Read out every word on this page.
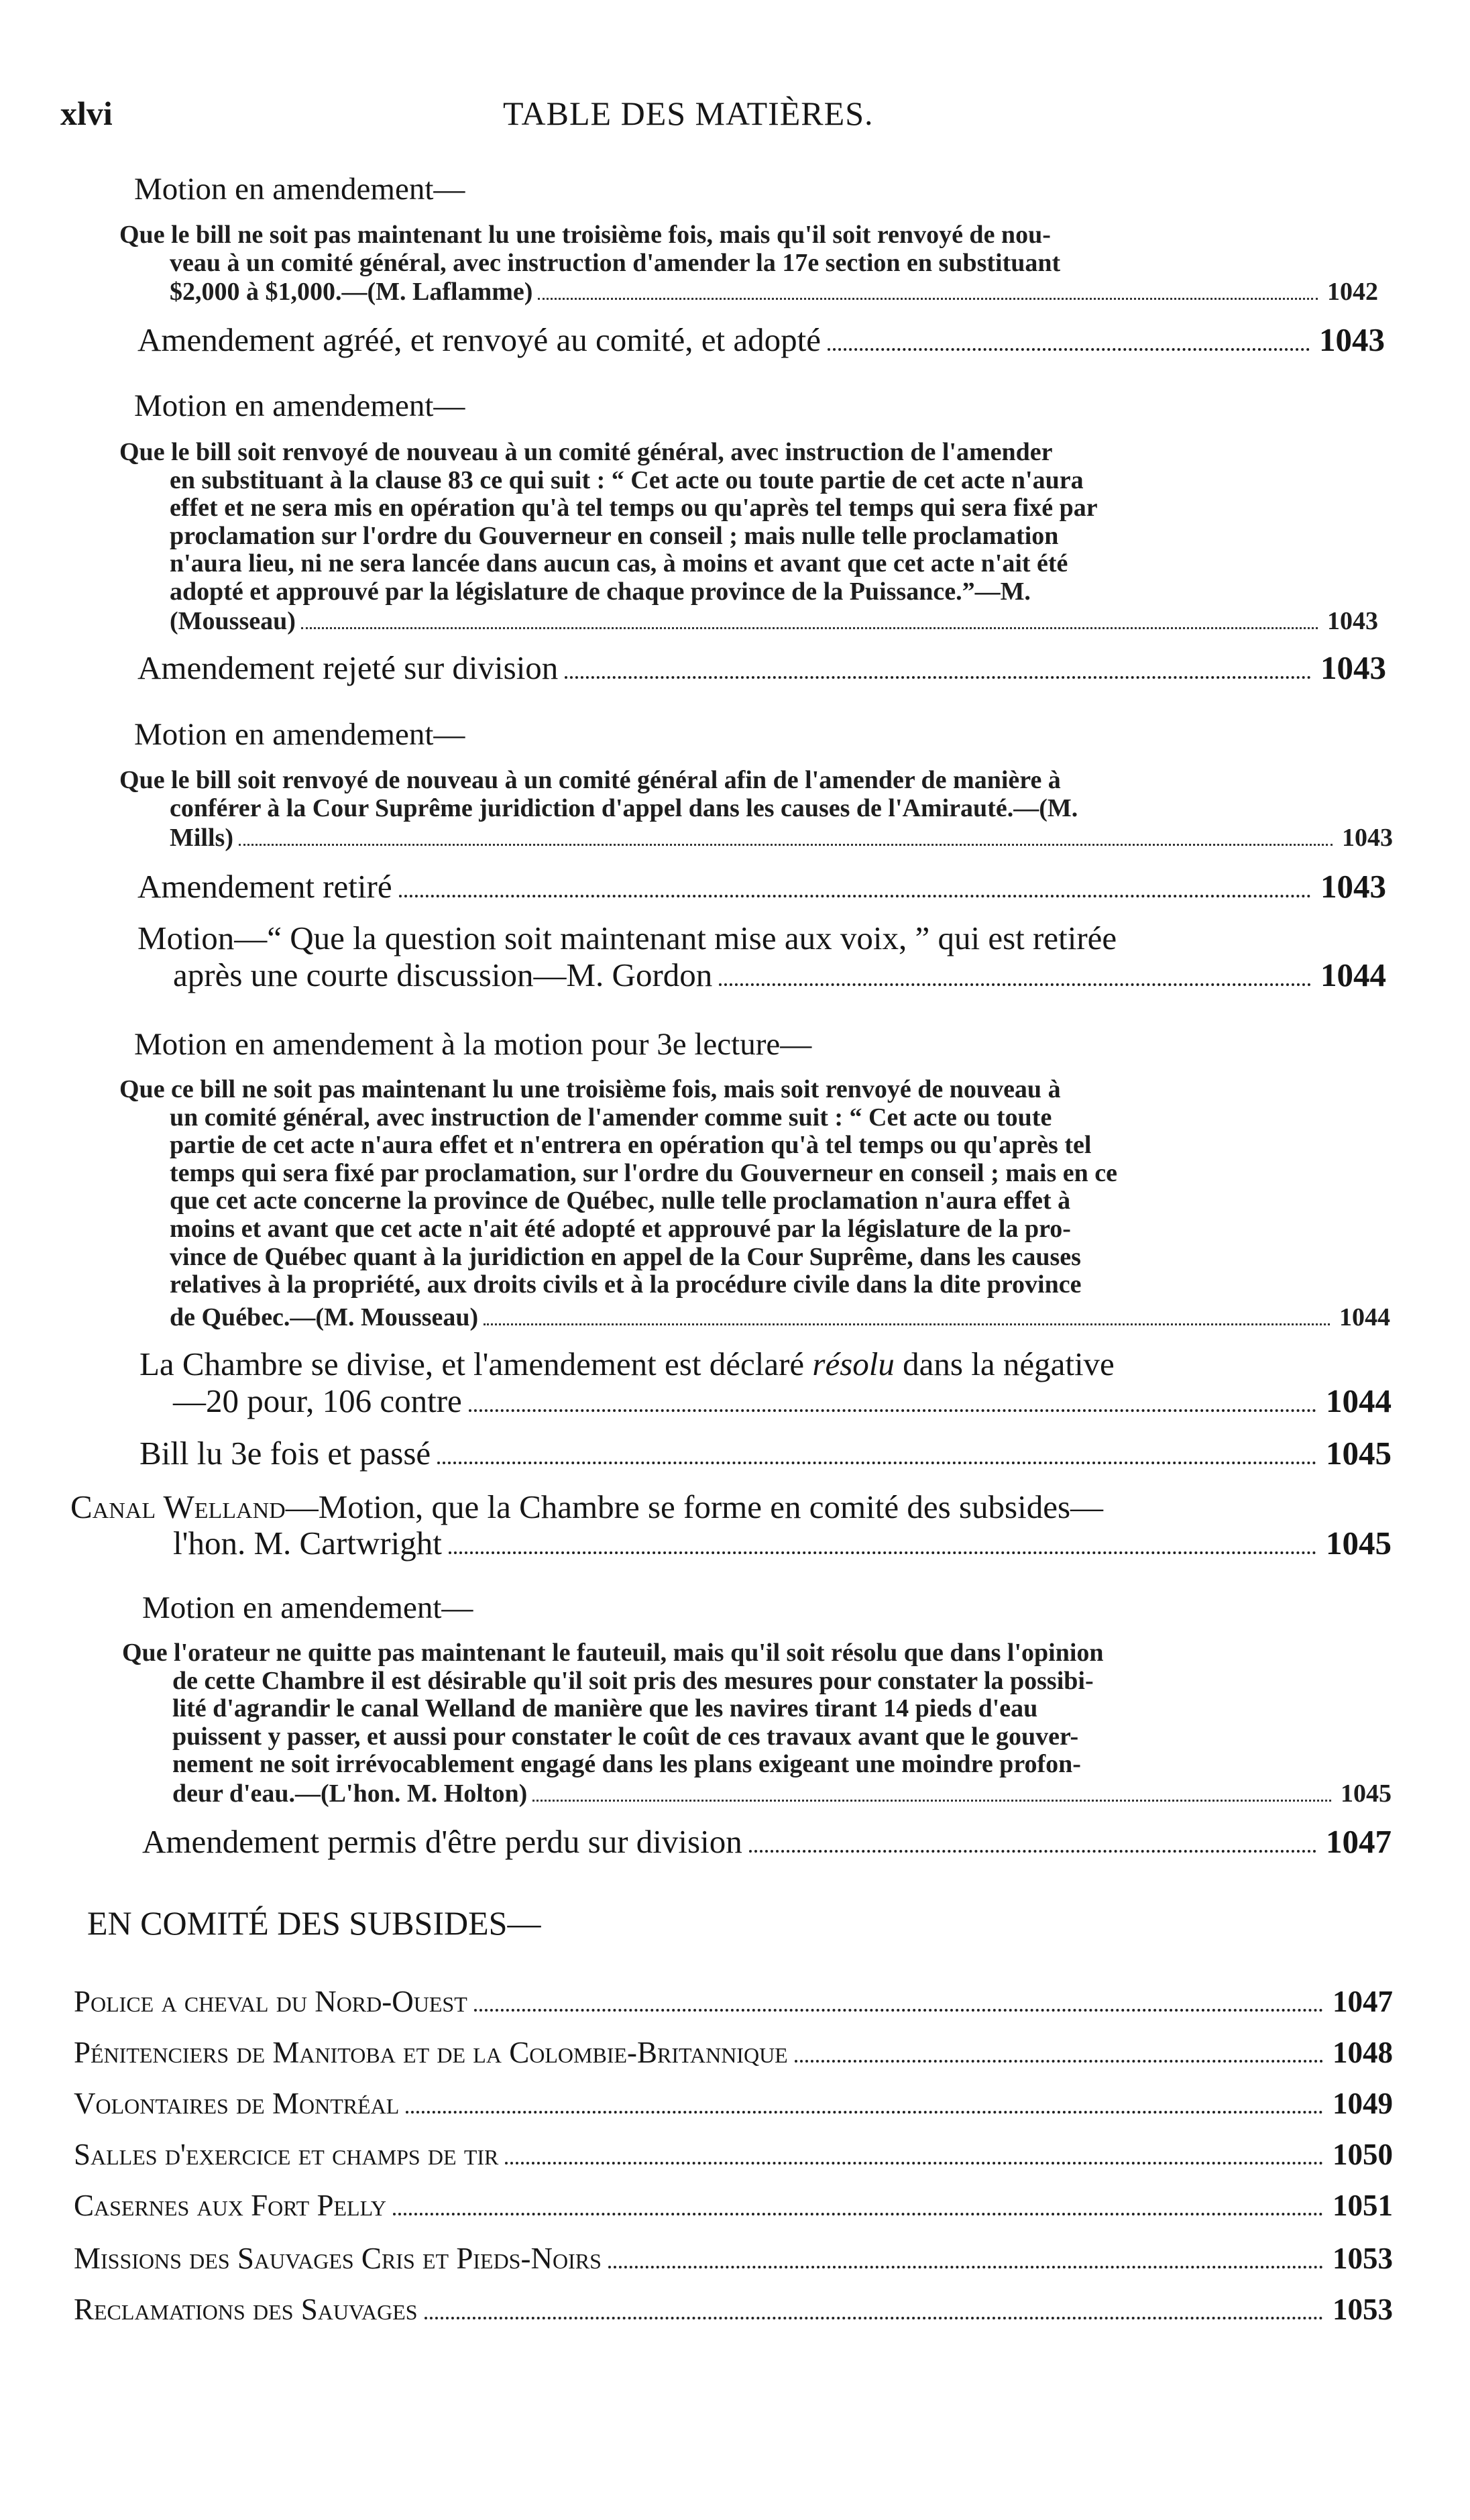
xlvi	TABLE DES MATIÈRES.
Motion en amendement—
Que le bill ne soit pas maintenant lu une troisième fois, mais qu'il soit renvoyé de nou-
veau à un comité général, avec instruction d'amender la 17e section en substituant
$2,000 à $1,000.—(M. Laflamme)	1042
Amendement agréé, et renvoyé au comité, et adopté	1043
Motion en amendement—
Que le bill soit renvoyé de nouveau à un comité général, avec instruction de l'amender
en substituant à la clause 83 ce qui suit : “ Cet acte ou toute partie de cet acte n'aura
effet et ne sera mis en opération qu'à tel temps ou qu'après tel temps qui sera fixé par
proclamation sur l'ordre du Gouverneur en conseil ; mais nulle telle proclamation
n'aura lieu, ni ne sera lancée dans aucun cas, à moins et avant que cet acte n'ait été
adopté et approuvé par la législature de chaque province de la Puissance.”—M.
(Mousseau)	1043
Amendement rejeté sur division	1043
Motion en amendement—
Que le bill soit renvoyé de nouveau à un comité général afin de l'amender de manière à
conférer à la Cour Suprême juridiction d'appel dans les causes de l'Amirauté.—(M.
Mills)	1043
Amendement retiré	1043
Motion—“ Que la question soit maintenant mise aux voix, ” qui est retirée
après une courte discussion—M. Gordon	1044
Motion en amendement à la motion pour 3e lecture—
Que ce bill ne soit pas maintenant lu une troisième fois, mais soit renvoyé de nouveau à
un comité général, avec instruction de l'amender comme suit : “ Cet acte ou toute
partie de cet acte n'aura effet et n'entrera en opération qu'à tel temps ou qu'après tel
temps qui sera fixé par proclamation, sur l'ordre du Gouverneur en conseil ; mais en ce
que cet acte concerne la province de Québec, nulle telle proclamation n'aura effet à
moins et avant que cet acte n'ait été adopté et approuvé par la législature de la pro-
vince de Québec quant à la juridiction en appel de la Cour Suprême, dans les causes
relatives à la propriété, aux droits civils et à la procédure civile dans la dite province
de Québec.—(M. Mousseau)	1044
La Chambre se divise, et l'amendement est déclaré résolu dans la négative
—20 pour, 106 contre	1044
Bill lu 3e fois et passé	1045
Canal Welland—Motion, que la Chambre se forme en comité des subsides—
l'hon. M. Cartwright	1045
Motion en amendement—
Que l'orateur ne quitte pas maintenant le fauteuil, mais qu'il soit résolu que dans l'opinion
de cette Chambre il est désirable qu'il soit pris des mesures pour constater la possibi-
lité d'agrandir le canal Welland de manière que les navires tirant 14 pieds d'eau
puissent y passer, et aussi pour constater le coût de ces travaux avant que le gouver-
nement ne soit irrévocablement engagé dans les plans exigeant une moindre profon-
deur d'eau.—(L'hon. M. Holton)	1045
Amendement permis d'être perdu sur division	1047
EN COMITÉ DES SUBSIDES—
Police a cheval du Nord-Ouest	1047
Pénitenciers de Manitoba et de la Colombie-Britannique	1048
Volontaires de Montréal	1049
Salles d'exercice et champs de tir	1050
Casernes aux Fort Pelly	1051
Missions des Sauvages Cris et Pieds-Noirs	1053
Reclamations des Sauvages	1053
